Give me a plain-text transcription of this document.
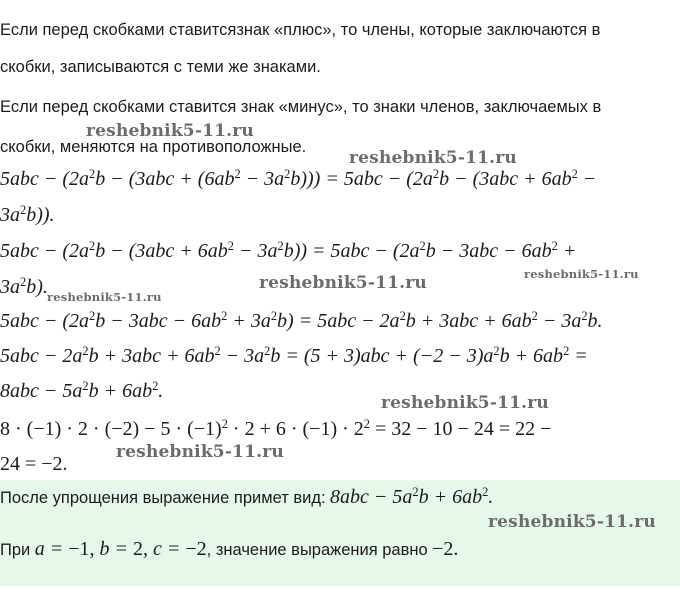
Если перед скобками ставитсязнак «плюс», то члены, которые заключаются в
скобки, записываются с теми же знаками.
Если перед скобками ставится знак «минус», то знаки членов, заключаемых в
скобки, меняются на противоположные.
$5abc - (2a^2b - (3abc + (6ab^2 - 3a^2b))) = 5abc - (2a^2b - (3abc + 6ab^2$ −
$3a^2b$)).
$5abc - (2a^2b - (3abc + 6ab^2 - 3a^2b)) = 5abc - (2a^2b - 3abc - 6ab^2$ +
$3a^2b$).
$5abc - (2a^2b - 3abc - 6ab^2 + 3a^2b) = 5abc - 2a^2b + 3abc + 6ab^2 - 3a^2b$.
$5abc - 2a^2b + 3abc + 6ab^2 - 3a^2b = (5 + 3)abc + (-2 - 3)a^2b + 6ab^2$ =
$8abc - 5a^2b + 6ab^2$.
$8 \cdot (-1) \cdot 2 \cdot (-2) - 5 \cdot (-1)^2 \cdot 2 + 6 \cdot (-1) \cdot 2^2 = 32 - 10 - 24 = 22$ −
24 = −2.
После упрощения выражение примет вид: $8abc - 5a^2b + 6ab^2$.
При a = −1, b = 2, c = −2, значение выражения равно −2.
reshebnik5-11.ru
reshebnik5-11.ru
reshebnik5-11.ru	reshebnik5-11.ru
reshebnik5-11.ru
reshebnik5-11.ru
reshebnik5-11.ru
reshebnik5-11.ru
